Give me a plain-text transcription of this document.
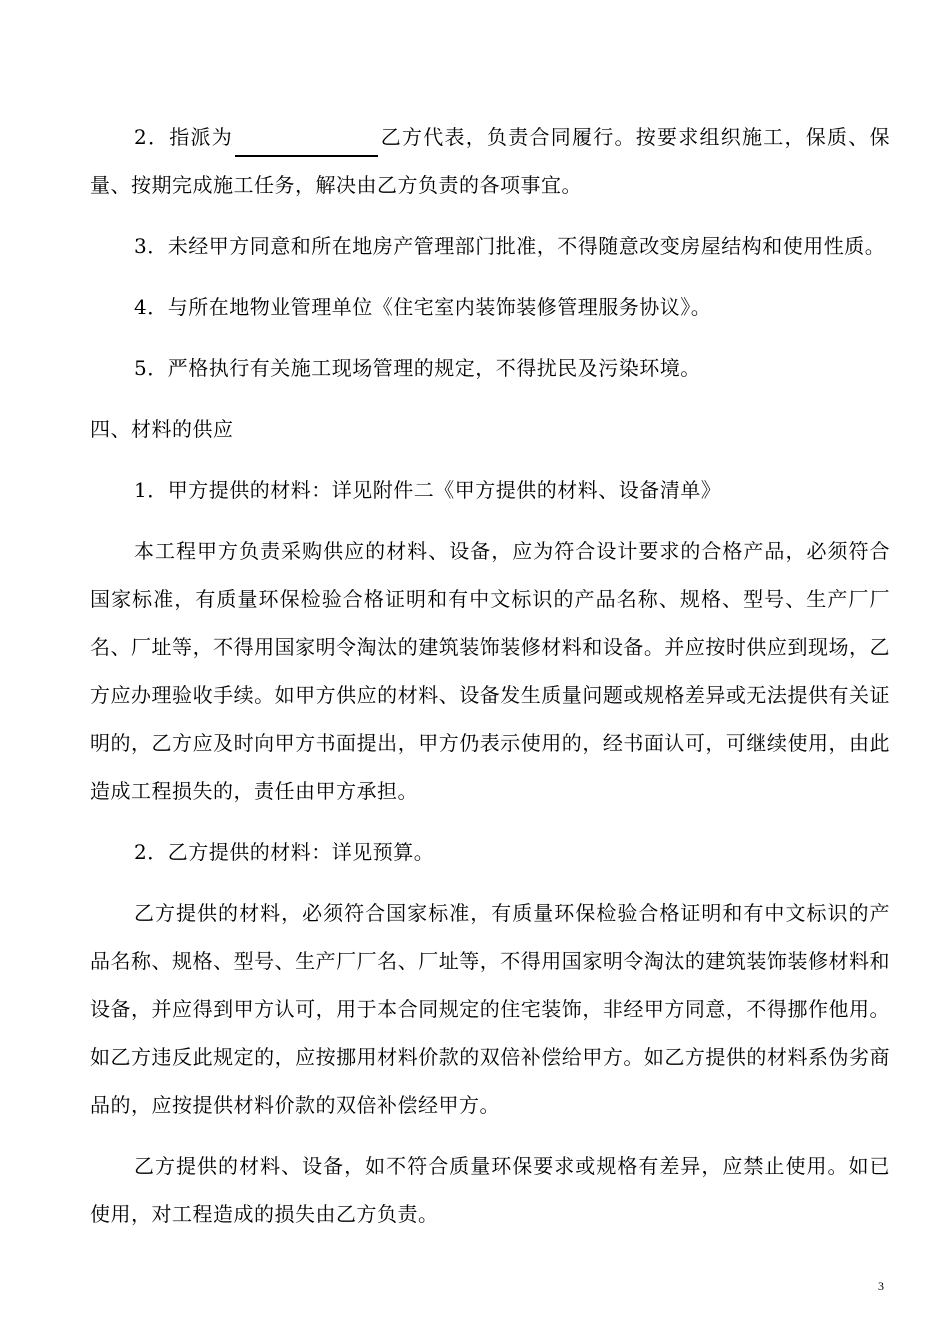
2．指派为	乙方代表，负责合同履行。按要求组织施工，保质、保量、按期完成施工任务，解决由乙方负责的各项事宜。

3．未经甲方同意和所在地房产管理部门批准，不得随意改变房屋结构和使用性质。

4．与所在地物业管理单位《住宅室内装饰装修管理服务协议》。

5．严格执行有关施工现场管理的规定，不得扰民及污染环境。

四、材料的供应

1．甲方提供的材料：详见附件二《甲方提供的材料、设备清单》

本工程甲方负责采购供应的材料、设备，应为符合设计要求的合格产品，必须符合国家标准，有质量环保检验合格证明和有中文标识的产品名称、规格、型号、生产厂厂名、厂址等，不得用国家明令淘汰的建筑装饰装修材料和设备。并应按时供应到现场，乙方应办理验收手续。如甲方供应的材料、设备发生质量问题或规格差异或无法提供有关证明的，乙方应及时向甲方书面提出，甲方仍表示使用的，经书面认可，可继续使用，由此造成工程损失的，责任由甲方承担。

2．乙方提供的材料：详见预算。

乙方提供的材料，必须符合国家标准，有质量环保检验合格证明和有中文标识的产品名称、规格、型号、生产厂厂名、厂址等，不得用国家明令淘汰的建筑装饰装修材料和设备，并应得到甲方认可，用于本合同规定的住宅装饰，非经甲方同意，不得挪作他用。如乙方违反此规定的，应按挪用材料价款的双倍补偿给甲方。如乙方提供的材料系伪劣商品的，应按提供材料价款的双倍补偿经甲方。

乙方提供的材料、设备，如不符合质量环保要求或规格有差异，应禁止使用。如已使用，对工程造成的损失由乙方负责。

3
